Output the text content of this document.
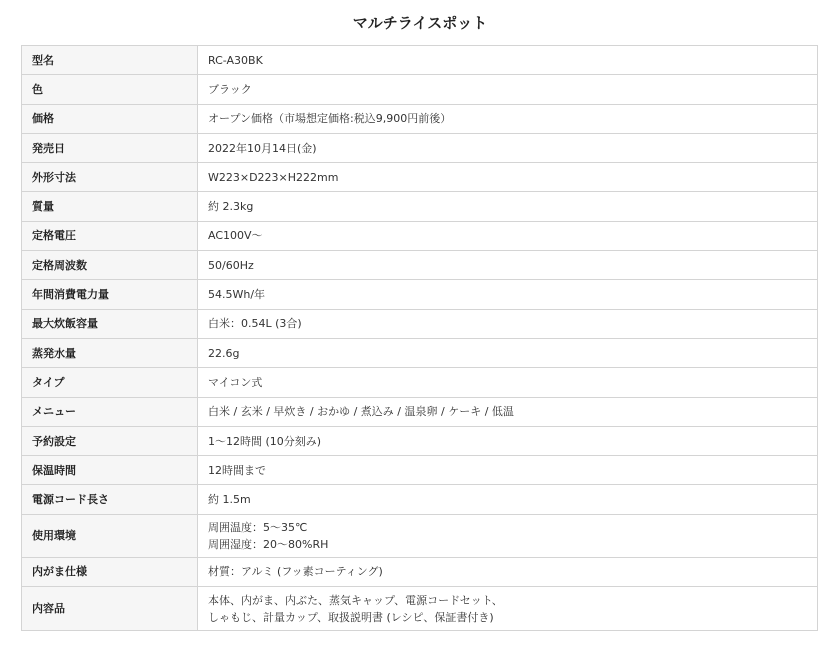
マルチライスポット
型名	RC-A30BK

色	ブラック

価格	オープン価格（市場想定価格:税込9,900円前後）

発売日	2022年10月14日(金)

外形寸法	W223×D223×H222mm

質量	約 2.3kg

定格電圧	AC100V〜

定格周波数	50/60Hz

年間消費電力量	54.5Wh/年

最大炊飯容量	白米：0.54L (3合)

蒸発水量	22.6g

タイプ	マイコン式

メニュー	白米 / 玄米 / 早炊き / おかゆ / 煮込み / 温泉卵 / ケーキ / 低温

予約設定	1〜12時間 (10分刻み)

保温時間	12時間まで

電源コード長さ	約 1.5m

使用環境	周囲温度：5〜35℃
周囲湿度：20〜80%RH

内がま仕様	材質：アルミ (フッ素コーティング)

内容品	本体、内がま、内ぶた、蒸気キャップ、電源コードセット、
しゃもじ、計量カップ、取扱説明書 (レシピ、保証書付き)
